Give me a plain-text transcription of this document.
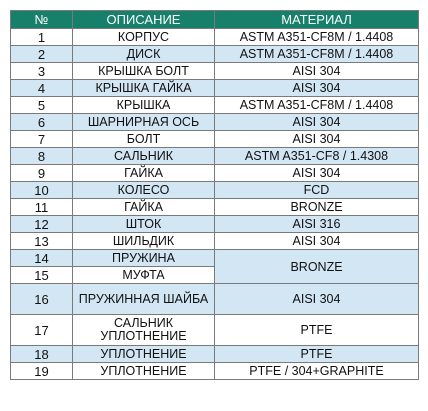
№	ОПИСАНИЕ	МАТЕРИАЛ
1	КОРПУС	ASTM A351-CF8M / 1.4408
2	ДИСК	ASTM A351-CF8M / 1.4408
3	КРЫШКА БОЛТ	AISI 304
4	КРЫШКА ГАЙКА	AISI 304
5	КРЫШКА	ASTM A351-CF8M / 1.4408
6	ШАРНИРНАЯ ОСЬ	AISI 304
7	БОЛТ	AISI 304
8	САЛЬНИК	ASTM A351-CF8 / 1.4308
9	ГАЙКА	AISI 304
10	КОЛЕСО	FCD
11	ГАЙКА	BRONZE
12	ШТОК	AISI 316
13	ШИЛЬДИК	AISI 304
14	ПРУЖИНА	BRONZE
15	МУФТА	
16	ПРУЖИННАЯ ШАЙБА	AISI 304
17	САЛЬНИК УПЛОТНЕНИЕ	PTFE
18	УПЛОТНЕНИЕ	PTFE
19	УПЛОТНЕНИЕ	PTFE / 304+GRAPHITE
